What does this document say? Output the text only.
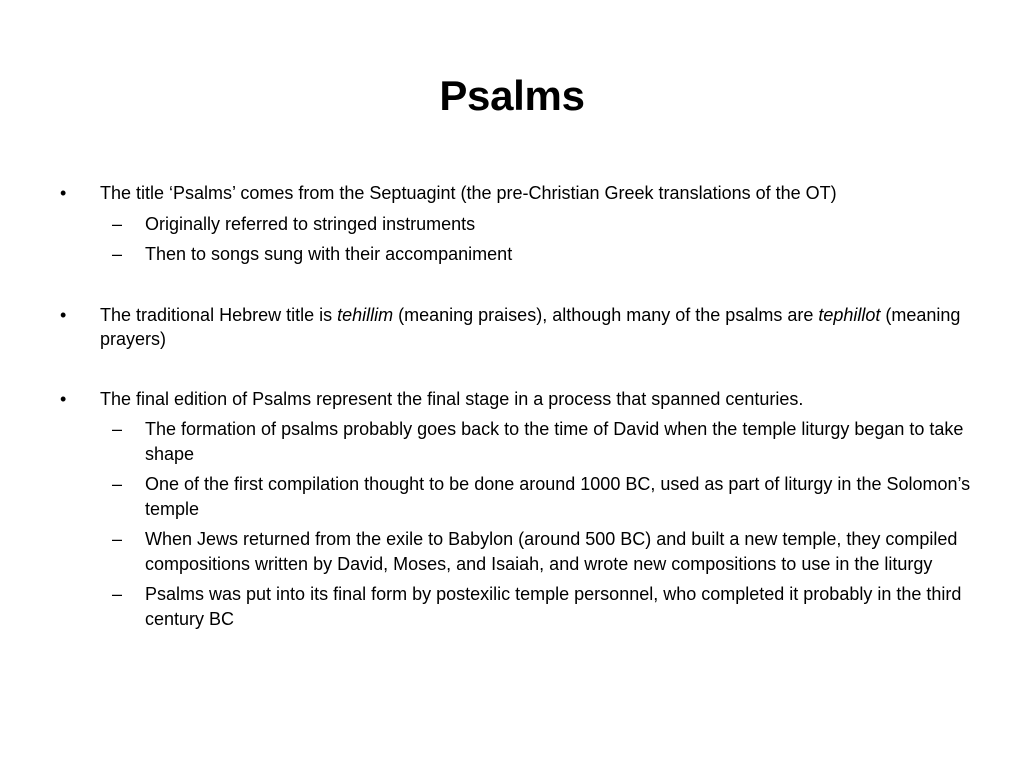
Psalms
• The title ‘Psalms’ comes from the Septuagint (the pre-Christian Greek translations of the OT)
– Originally referred to stringed instruments
– Then to songs sung with their accompaniment
• The traditional Hebrew title is tehillim (meaning praises), although many of the psalms are tephillot (meaning prayers)
• The final edition of Psalms represent the final stage in a process that spanned centuries.
– The formation of psalms probably goes back to the time of David when the temple liturgy began to take shape
– One of the first compilation thought to be done around 1000 BC, used as part of liturgy in the Solomon’s temple
– When Jews returned from the exile to Babylon (around 500 BC) and built a new temple, they compiled compositions written by David, Moses, and Isaiah, and wrote new compositions to use in the liturgy
– Psalms was put into its final form by postexilic temple personnel, who completed it probably in the third century BC
